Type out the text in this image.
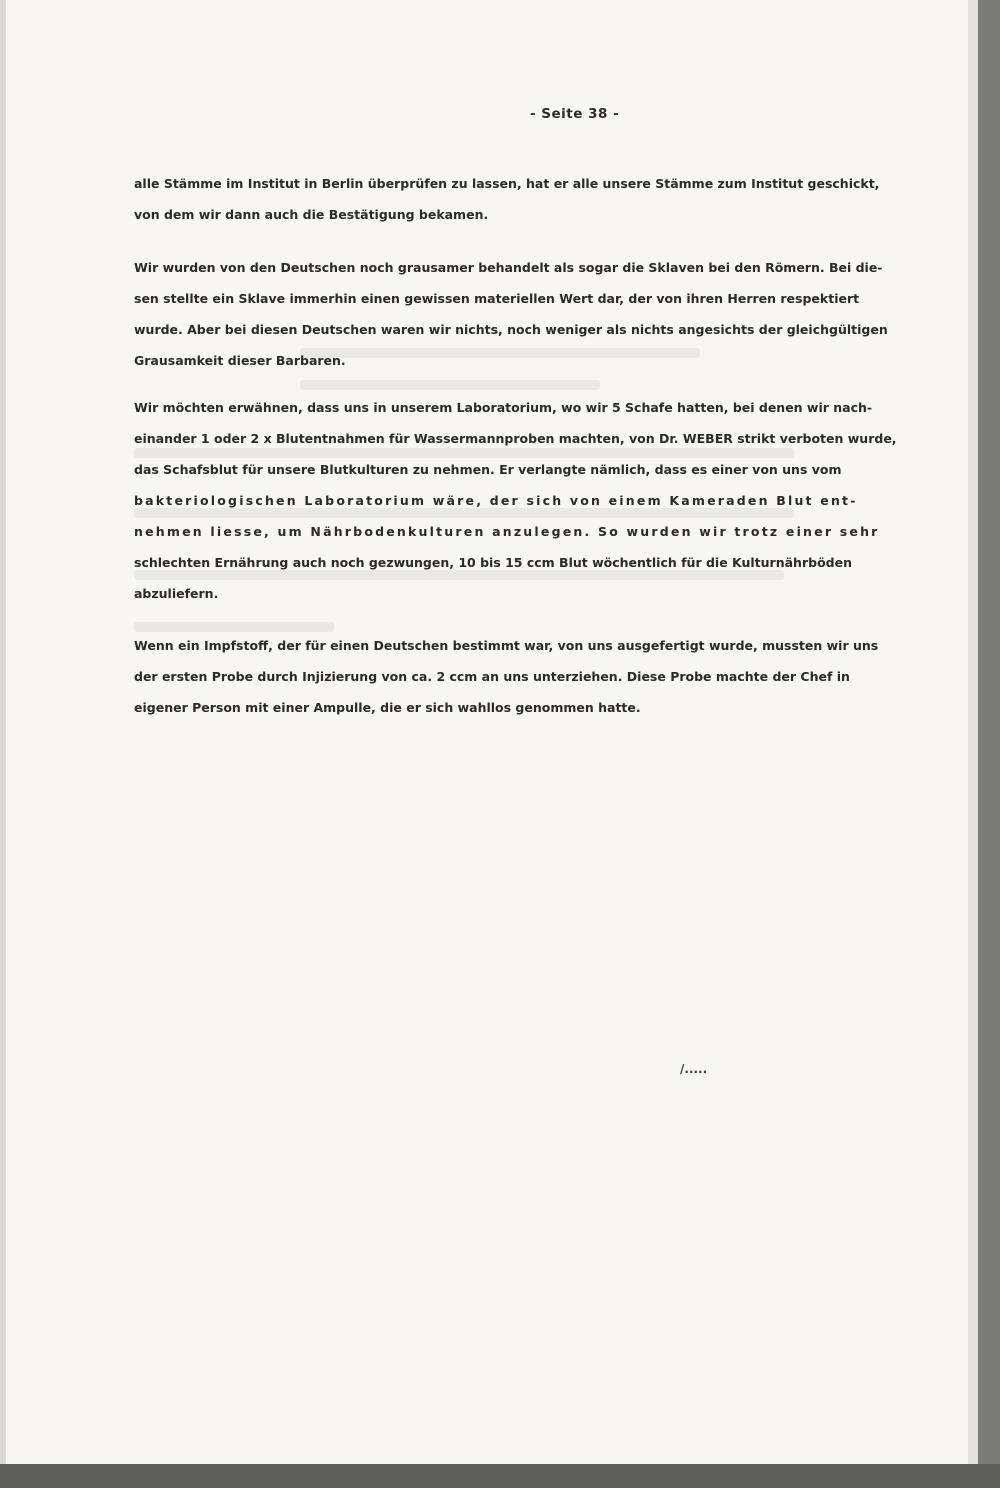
- Seite 38 -
alle Stämme im Institut in Berlin überprüfen zu lassen, hat er alle unsere Stämme zum Institut geschickt,
von dem wir dann auch die Bestätigung bekamen.
Wir wurden von den Deutschen noch grausamer behandelt als sogar die Sklaven bei den Römern. Bei die-
sen stellte ein Sklave immerhin einen gewissen materiellen Wert dar, der von ihren Herren respektiert
wurde. Aber bei diesen Deutschen waren wir nichts, noch weniger als nichts angesichts der gleichgültigen
Grausamkeit dieser Barbaren.
Wir möchten erwähnen, dass uns in unserem Laboratorium, wo wir 5 Schafe hatten, bei denen wir nach-
einander 1 oder 2 x Blutentnahmen für Wassermannproben machten, von Dr. WEBER strikt verboten wurde,
das Schafsblut für unsere Blutkulturen zu nehmen. Er verlangte nämlich, dass es einer von uns vom
bakteriologischen Laboratorium wäre, der sich von einem Kameraden Blut ent-
nehmen liesse, um Nährbodenkulturen anzulegen. So wurden wir trotz einer sehr
schlechten Ernährung auch noch gezwungen, 10 bis 15 ccm Blut wöchentlich für die Kulturnährböden
abzuliefern.
Wenn ein Impfstoff, der für einen Deutschen bestimmt war, von uns ausgefertigt wurde, mussten wir uns
der ersten Probe durch Injizierung von ca. 2 ccm an uns unterziehen. Diese Probe machte der Chef in
eigener Person mit einer Ampulle, die er sich wahllos genommen hatte.
/.....
